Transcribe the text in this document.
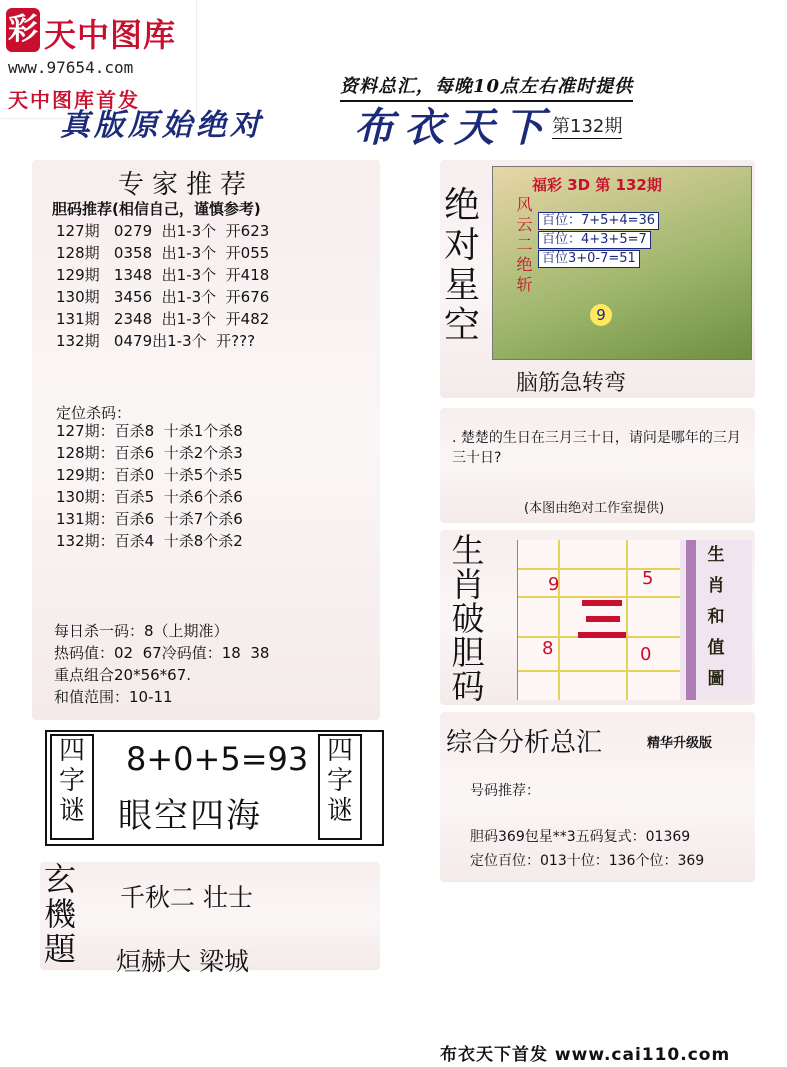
彩 天中图库
www.97654.com
天中图库首发
资料总汇，每晚10点左右准时提供
真版原始绝对	布衣天下
第132期
专家推荐
胆码推荐(相信自己，谨慎参考)
127期   0279  出1-3个  开623
128期   0358  出1-3个  开055
129期   1348  出1-3个  开418
130期   3456  出1-3个  开676
131期   2348  出1-3个  开482
132期   0479出1-3个  开???
定位杀码：
127期：百杀8  十杀1个杀8
128期：百杀6  十杀2个杀3
129期：百杀0  十杀5个杀5
130期：百杀5  十杀6个杀6
131期：百杀6  十杀7个杀6
132期：百杀4  十杀8个杀2
每日杀一码：8（上期准）
热码值：02  67冷码值：18  38
重点组合20*56*67.
和值范围：10-11
绝
对
星
空
福彩 3D 第 132期
风云二绝斩 百位：7+5+4=36
百位：4+3+5=7
百位3+0-7=51
9
脑筋急转弯
. 楚楚的生日在三月三十日，请问是哪年的三月三十日?
(本图由绝对工作室提供)
生
肖
破
胆
码
9	5
8	0
生
肖
和
值
圖
四
字
谜
四
字
谜
8+0+5=93
眼空四海
玄
機
題
千秋二 壮士
烜赫大 梁城
综合分析总汇	精华升级版
号码推荐：
胆码369包星**3五码复式：01369
定位百位：013十位：136个位：369
布衣天下首发 www.cai110.com
